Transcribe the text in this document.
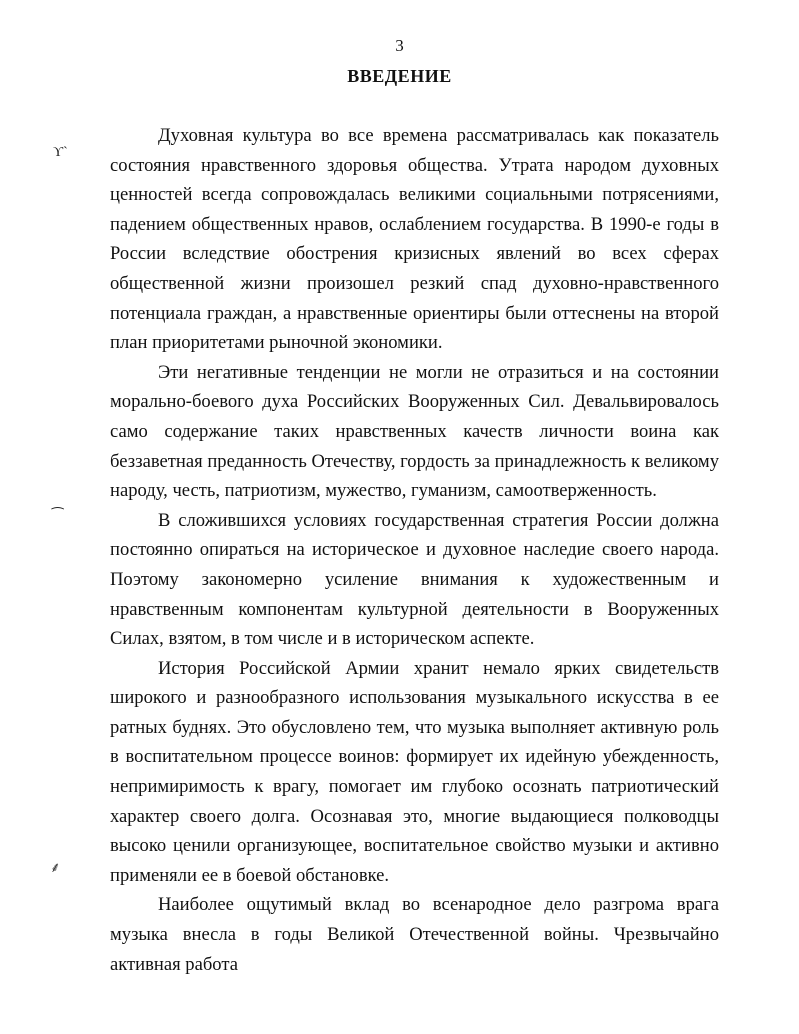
3
ВВЕДЕНИЕ
ϒ`
⁀
⸙

Духовная культура во все времена рассматривалась как показатель состояния нравственного здоровья общества. Утрата народом духовных ценностей всегда сопровождалась великими социальными потрясениями, падением общественных нравов, ослаблением государства. В 1990-е годы в России вследствие обострения кризисных явлений во всех сферах общественной жизни произошел резкий спад духовно-нравственного потенциала граждан, а нравственные ориентиры были оттеснены на второй план приоритетами рыночной экономики.

Эти негативные тенденции не могли не отразиться и на состоянии морально-боевого духа Российских Вооруженных Сил. Девальвировалось само содержание таких нравственных качеств личности воина как беззаветная преданность Отечеству, гордость за принадлежность к великому народу, честь, патриотизм, мужество, гуманизм, самоотверженность.

В сложившихся условиях государственная стратегия России должна постоянно опираться на историческое и духовное наследие своего народа. Поэтому закономерно усиление внимания к художественным и нравственным компонентам культурной деятельности в Вооруженных Силах, взятом, в том числе и в историческом аспекте.

История Российской Армии хранит немало ярких свидетельств широкого и разнообразного использования музыкального искусства в ее ратных буднях. Это обусловлено тем, что музыка выполняет активную роль в воспитательном процессе воинов: формирует их идейную убежденность, непримиримость к врагу, помогает им глубоко осознать патриотический характер своего долга. Осознавая это, многие выдающиеся полководцы высоко ценили организующее, воспитательное свойство музыки и активно применяли ее в боевой обстановке.

Наиболее ощутимый вклад во всенародное дело разгрома врага музыка внесла в годы Великой Отечественной войны. Чрезвычайно активная работа
